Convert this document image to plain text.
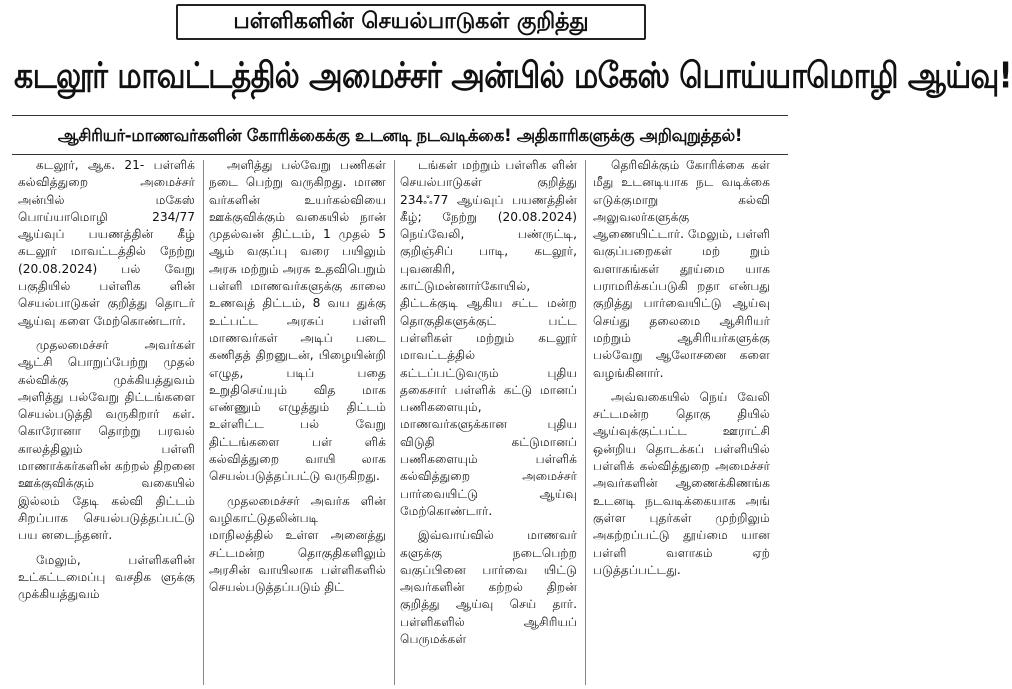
பள்ளிகளின் செயல்பாடுகள் குறித்து
கடலூர் மாவட்டத்தில் அமைச்சர் அன்பில் மகேஸ் பொய்யாமொழி ஆய்வு!
ஆசிரியர்-மாணவர்களின் கோரிக்கைக்கு உடனடி நடவடிக்கை! அதிகாரிகளுக்கு அறிவுறுத்தல்!

கடலூர், ஆக. 21- பள்ளிக் கல்வித்துறை அமைச்சர் அன்பில் மகேஸ் பொய்யாமொழி 234/77 ஆய்வுப் பயணத்தின் கீழ் கடலூர் மாவட்டத்தில் நேற்று (20.08.2024) பல் வேறு பகுதியில் பள்ளிக ளின் செயல்பாடுகள் குறித்து தொடர் ஆய்வு களை மேற்கொண்டார்.

முதலமைச்சர் அவர்கள் ஆட்சி பொறுப்பேற்று முதல் கல்விக்கு முக்கியத்துவம் அளித்து பல்வேறு திட்டங்களை செயல்படுத்தி வருகிறார் கள். கொரோனா தொற்று பரவல் காலத்திலும் பள்ளி மாணாக்கர்களின் கற்றல் திறனை ஊக்குவிக்கும் வகையில் இல்லம் தேடி கல்வி திட்டம் சிறப்பாக செயல்படுத்தப்பட்டு பய னடைந்தனர்.

மேலும், பள்ளிகளின் உட்கட்டமைப்பு வசதிக ளுக்கு முக்கியத்துவம்

அளித்து பல்வேறு பணிகள் நடை பெற்று வருகிறது. மாண வர்களின் உயர்கல்வியை ஊக்குவிக்கும் வகையில் நான் முதல்வன் திட்டம், 1 முதல் 5 ஆம் வகுப்பு வரை பயிலும் அரசு மற்றும் அரசு உதவிபெறும் பள்ளி மாணவர்களுக்கு காலை உணவுத் திட்டம், 8 வய துக்கு உட்பட்ட அரசுப் பள்ளி மாணவர்கள் அடிப் படை கணிதத் திறனுடன், பிழையின்றி எழுத, படிப் பதை உறுதிசெய்யும் வித மாக எண்ணும் எழுத்தும் திட்டம் உள்ளிட்ட பல் வேறு திட்டங்களை பள் ளிக் கல்வித்துறை வாயி லாக செயல்படுத்தப்பட்டு வருகிறது.

முதலமைச்சர் அவர்க ளின் வழிகாட்டுதலின்படி மாநிலத்தில் உள்ள அனைத்து சட்டமன்ற தொகுதிகளிலும் அரசின் வாயிலாக பள்ளிகளில் செயல்படுத்தப்படும் திட்

டங்கள் மற்றும் பள்ளிக ளின் செயல்பாடுகள் குறித்து 234ஃ77 ஆய்வுப் பயணத்தின் கீழ்; நேற்று (20.08.2024) நெய்வேலி, பண்ருட்டி, குறிஞ்சிப் பாடி, கடலூர், புவனகிரி, காட்டுமன்னார்கோயில், திட்டக்குடி ஆகிய சட்ட மன்ற தொகுதிகளுக்குட் பட்ட பள்ளிகள் மற்றும் கடலூர் மாவட்டத்தில் கட்டப்பட்டுவரும் புதிய தகைசார் பள்ளிக் கட்டு மானப் பணிகளையும், மாணவர்களுக்கான புதிய விடுதி கட்டுமானப் பணிகளையும் பள்ளிக் கல்வித்துறை அமைச்சர் பார்வையிட்டு ஆய்வு மேற்கொண்டார்.

இவ்வாய்வில் மாணவர் களுக்கு நடைபெற்ற வகுப்பினை பார்வை யிட்டு அவர்களின் கற்றல் திறன் குறித்து ஆய்வு செய் தார். பள்ளிகளில் ஆசிரியப் பெருமக்கள்

தெரிவிக்கும் கோரிக்கை கள் மீது உடனடியாக நட வடிக்கை எடுக்குமாறு கல்வி அலுவலர்களுக்கு ஆணையிட்டார். மேலும், பள்ளி வகுப்பறைகள் மற் றும் வளாகங்கள் தூய்மை யாக பராமரிக்கப்படுகி றதா என்பது குறித்து பார்வையிட்டு ஆய்வு செய்து தலைமை ஆசிரியர் மற்றும் ஆசிரியர்களுக்கு பல்வேறு ஆலோசனை களை வழங்கினார்.

அவ்வகையில் நெய் வேலி சட்டமன்ற தொகு தியில் ஆய்வுக்குட்பட்ட ஊராட்சி ஒன்றிய தொடக்கப் பள்ளியில் பள்ளிக் கல்வித்துறை அமைச்சர் அவர்களின் ஆணைக்கிணங்க உடனடி நடவடிக்கையாக அங் குள்ள புதர்கள் முற்றிலும் அகற்றப்பட்டு தூய்மை யான பள்ளி வளாகம் ஏற் படுத்தப்பட்டது.
